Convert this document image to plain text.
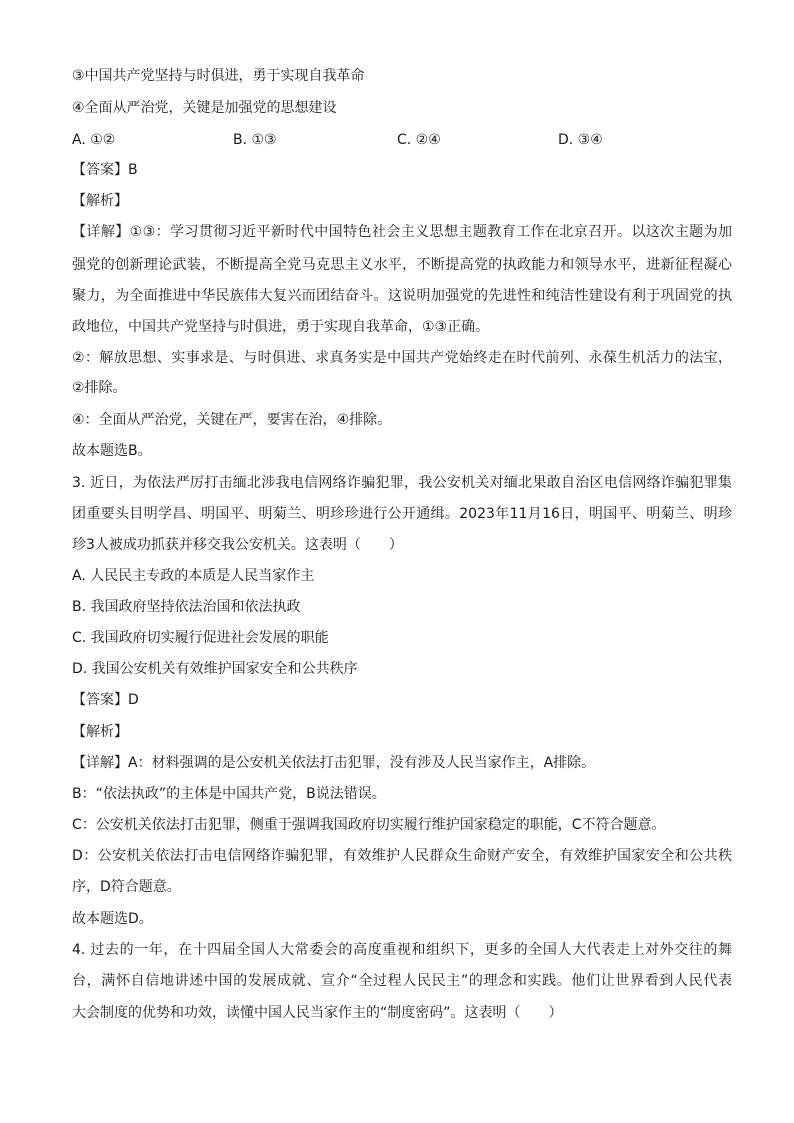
③中国共产党坚持与时俱进，勇于实现自我革命
④全面从严治党，关键是加强党的思想建设
A. ①②	B. ①③	C. ②④	D. ③④
【答案】B
【解析】
【详解】①③：学习贯彻习近平新时代中国特色社会主义思想主题教育工作在北京召开。以这次主题为加
强党的创新理论武装，不断提高全党马克思主义水平，不断提高党的执政能力和领导水平，进新征程凝心
聚力，为全面推进中华民族伟大复兴而团结奋斗。这说明加强党的先进性和纯洁性建设有利于巩固党的执
政地位，中国共产党坚持与时俱进，勇于实现自我革命，①③正确。
②：解放思想、实事求是、与时俱进、求真务实是中国共产党始终走在时代前列、永葆生机活力的法宝，
②排除。
④：全面从严治党，关键在严，要害在治，④排除。
故本题选B。
3. 近日，为依法严厉打击缅北涉我电信网络诈骗犯罪，我公安机关对缅北果敢自治区电信网络诈骗犯罪集
团重要头目明学昌、明国平、明菊兰、明珍珍进行公开通缉。2023年11月16日，明国平、明菊兰、明珍
珍3人被成功抓获并移交我公安机关。这表明（　　）
A. 人民民主专政的本质是人民当家作主
B. 我国政府坚持依法治国和依法执政
C. 我国政府切实履行促进社会发展的职能
D. 我国公安机关有效维护国家安全和公共秩序
【答案】D
【解析】
【详解】A：材料强调的是公安机关依法打击犯罪，没有涉及人民当家作主，A排除。
B：“依法执政”的主体是中国共产党，B说法错误。
C：公安机关依法打击犯罪，侧重于强调我国政府切实履行维护国家稳定的职能，C不符合题意。
D：公安机关依法打击电信网络诈骗犯罪，有效维护人民群众生命财产安全，有效维护国家安全和公共秩
序，D符合题意。
故本题选D。
4. 过去的一年，在十四届全国人大常委会的高度重视和组织下，更多的全国人大代表走上对外交往的舞
台，满怀自信地讲述中国的发展成就、宣介“全过程人民民主”的理念和实践。他们让世界看到人民代表
大会制度的优势和功效，读懂中国人民当家作主的“制度密码”。这表明（　　）
